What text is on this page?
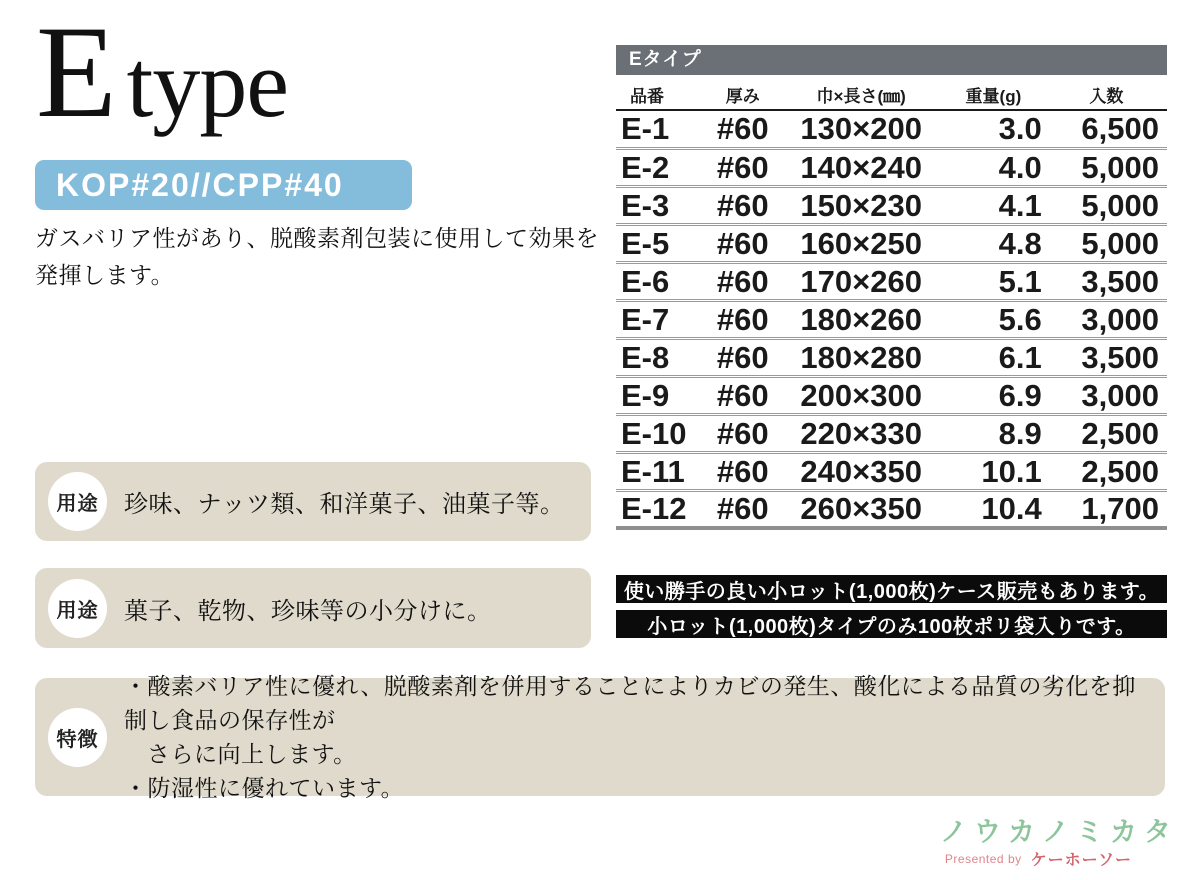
E type
KOP#20//CPP#40
ガスバリア性があり、脱酸素剤包装に使用して効果を
発揮します。
用途	珍味、ナッツ類、和洋菓子、油菓子等。
用途	菓子、乾物、珍味等の小分けに。
特徴
・酸素バリア性に優れ、脱酸素剤を併用することによりカビの発生、酸化による品質の劣化を抑制し食品の保存性が
さらに向上します。
・防湿性に優れています。
Eタイプ
品番	厚み	巾×長さ(㎜)	重量(g)	入数
E-1	#60	130×200	3.0	6,500
E-2	#60	140×240	4.0	5,000
E-3	#60	150×230	4.1	5,000
E-5	#60	160×250	4.8	5,000
E-6	#60	170×260	5.1	3,500
E-7	#60	180×260	5.6	3,000
E-8	#60	180×280	6.1	3,500
E-9	#60	200×300	6.9	3,000
E-10	#60	220×330	8.9	2,500
E-11	#60	240×350	10.1	2,500
E-12	#60	260×350	10.4	1,700
使い勝手の良い小ロット(1,000枚)ケース販売もあります。
小ロット(1,000枚)タイプのみ100枚ポリ袋入りです。
ノウカノミカタ
Presented by ケーホーソー
